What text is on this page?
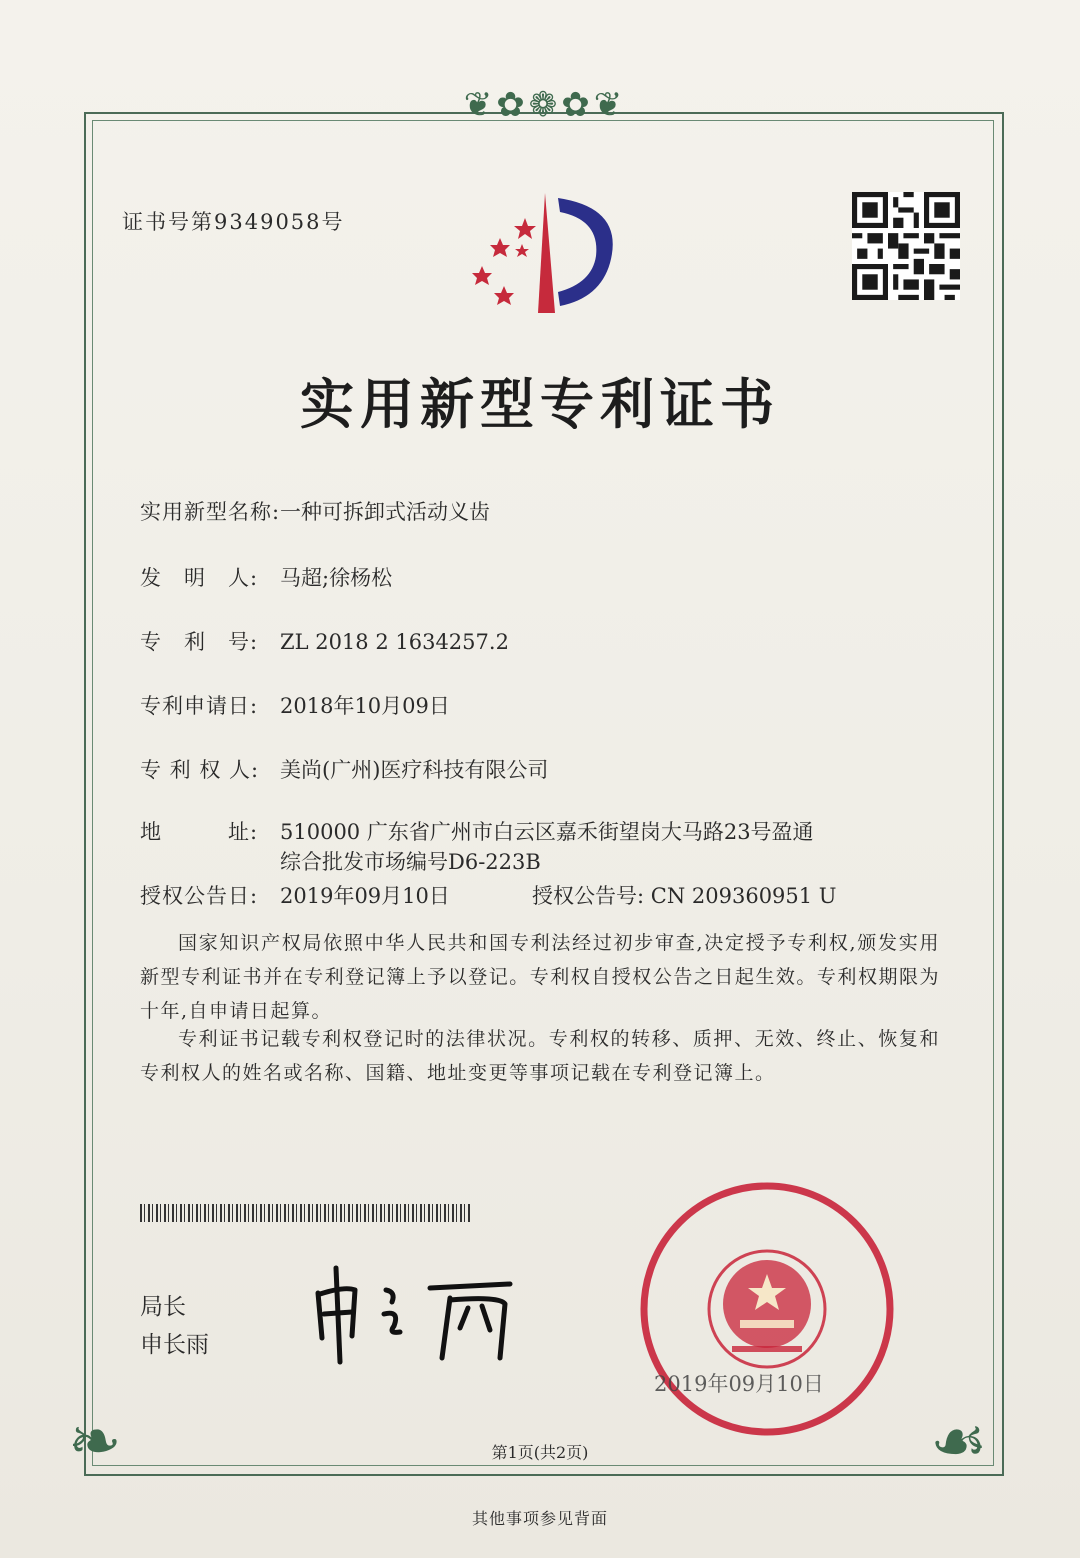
❦✿❁✿❦
❧	☙
证书号第9349058号
实用新型专利证书
实用新型名称:一种可拆卸式活动义齿
发　明　人: 马超;徐杨松
专　利　号: ZL 2018 2 1634257.2
专利申请日: 2018年10月09日
专 利 权 人: 美尚(广州)医疗科技有限公司
地　　　址: 510000 广东省广州市白云区嘉禾街望岗大马路23号盈通
综合批发市场编号D6-223B
授权公告日: 2019年09月10日	授权公告号: CN 209360951 U
国家知识产权局依照中华人民共和国专利法经过初步审查,决定授予专利权,颁发实用新型专利证书并在专利登记簿上予以登记。专利权自授权公告之日起生效。专利权期限为十年,自申请日起算。
专利证书记载专利权登记时的法律状况。专利权的转移、质押、无效、终止、恢复和专利权人的姓名或名称、国籍、地址变更等事项记载在专利登记簿上。
局长
申长雨
2019年09月10日
第1页(共2页)
其他事项参见背面
